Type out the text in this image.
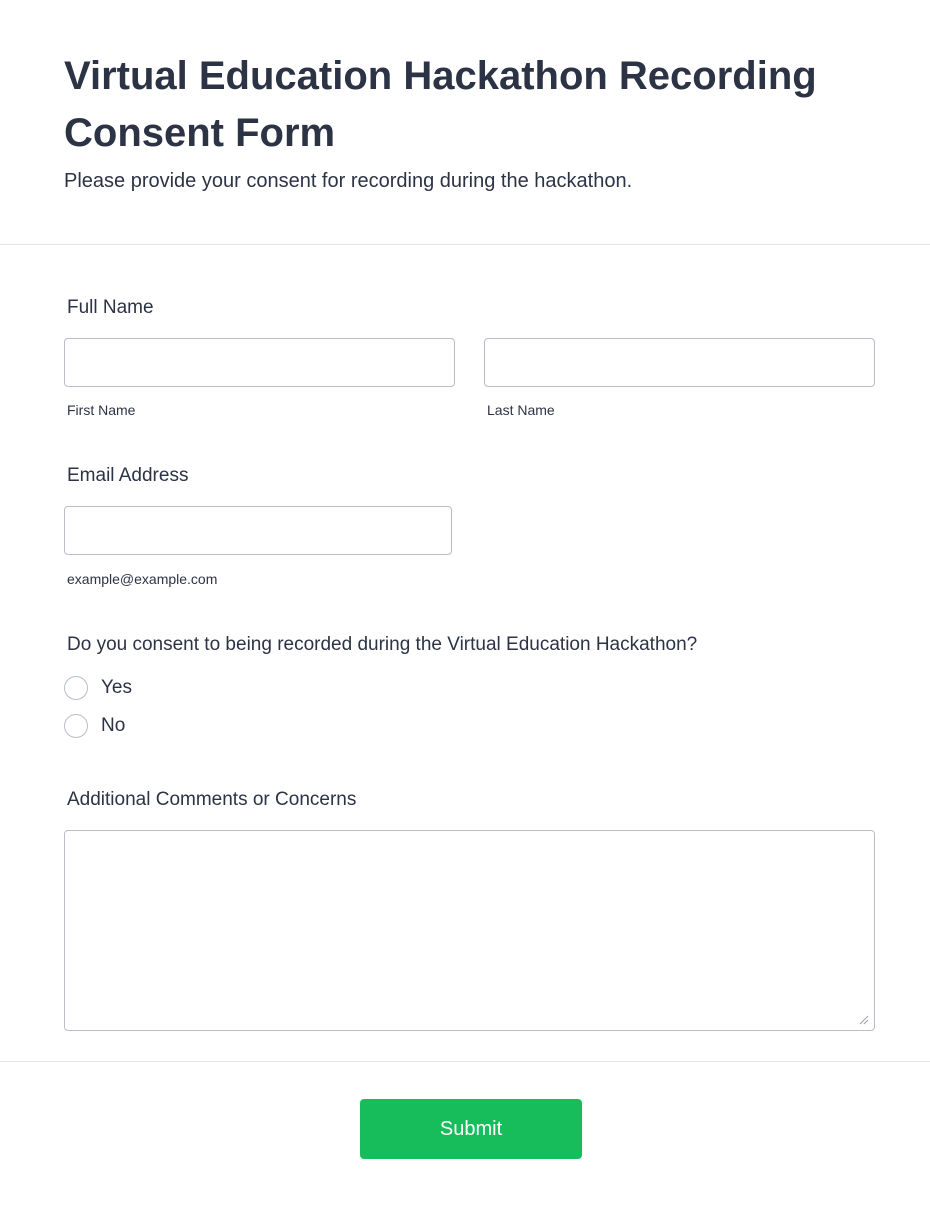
Virtual Education Hackathon Recording Consent Form

Please provide your consent for recording during the hackathon.

Full Name

First Name	Last Name

Email Address

example@example.com

Do you consent to being recorded during the Virtual Education Hackathon?

Yes
No

Additional Comments or Concerns

Submit
